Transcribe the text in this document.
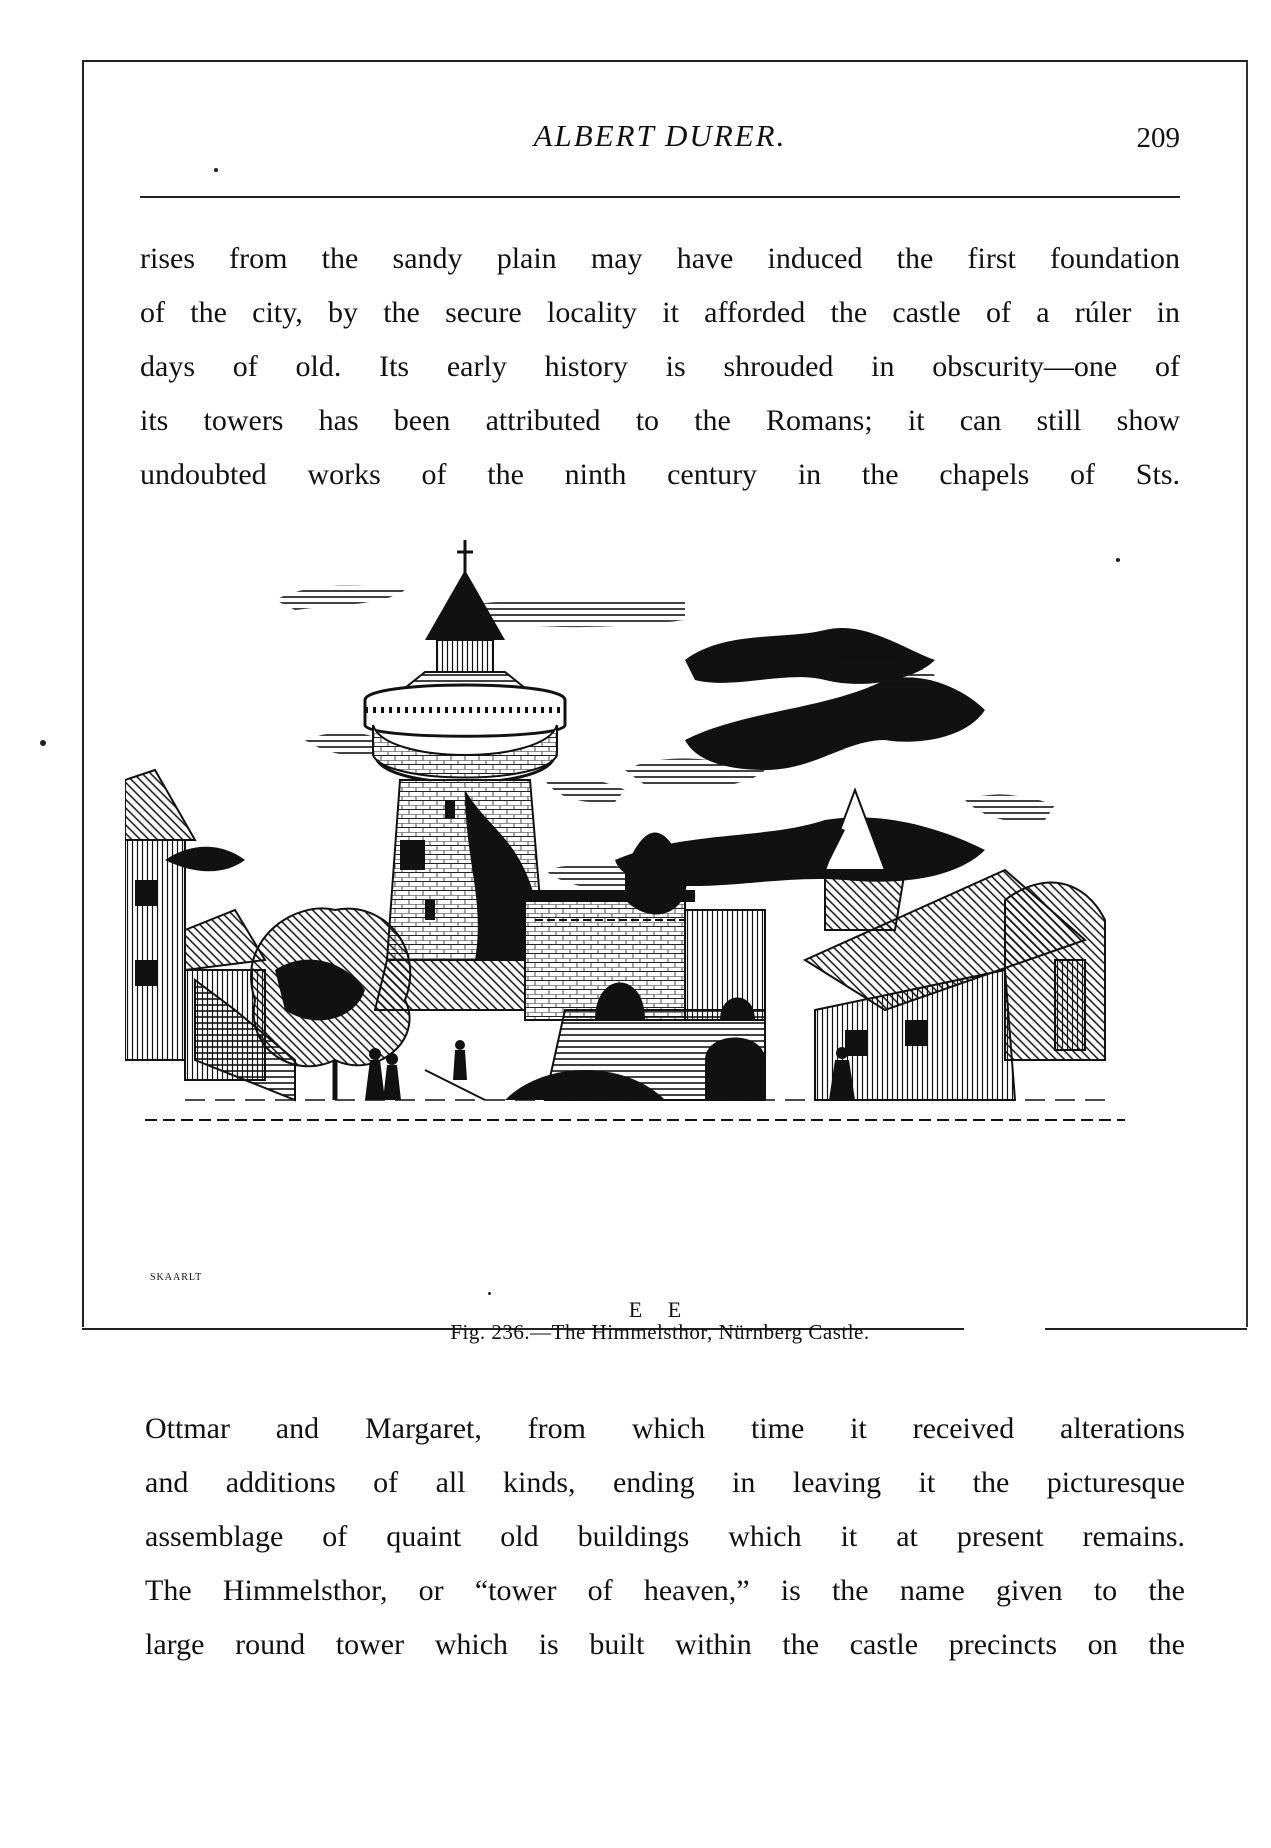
ALBERT DURER.	209
rises from the sandy plain may have induced the first foundation
of the city, by the secure locality it afforded the castle of a rúler in
days of old. Its early history is shrouded in obscurity—one of
its towers has been attributed to the Romans; it can still show
undoubted works of the ninth century in the chapels of Sts.
Fig. 236.—The Himmelsthor, Nürnberg Castle.
Ottmar and Margaret, from which time it received alterations
and additions of all kinds, ending in leaving it the picturesque
assemblage of quaint old buildings which it at present remains.
The Himmelsthor, or “tower of heaven,” is the name given to the
large round tower which is built within the castle precincts on the
SKAARLT
E E
